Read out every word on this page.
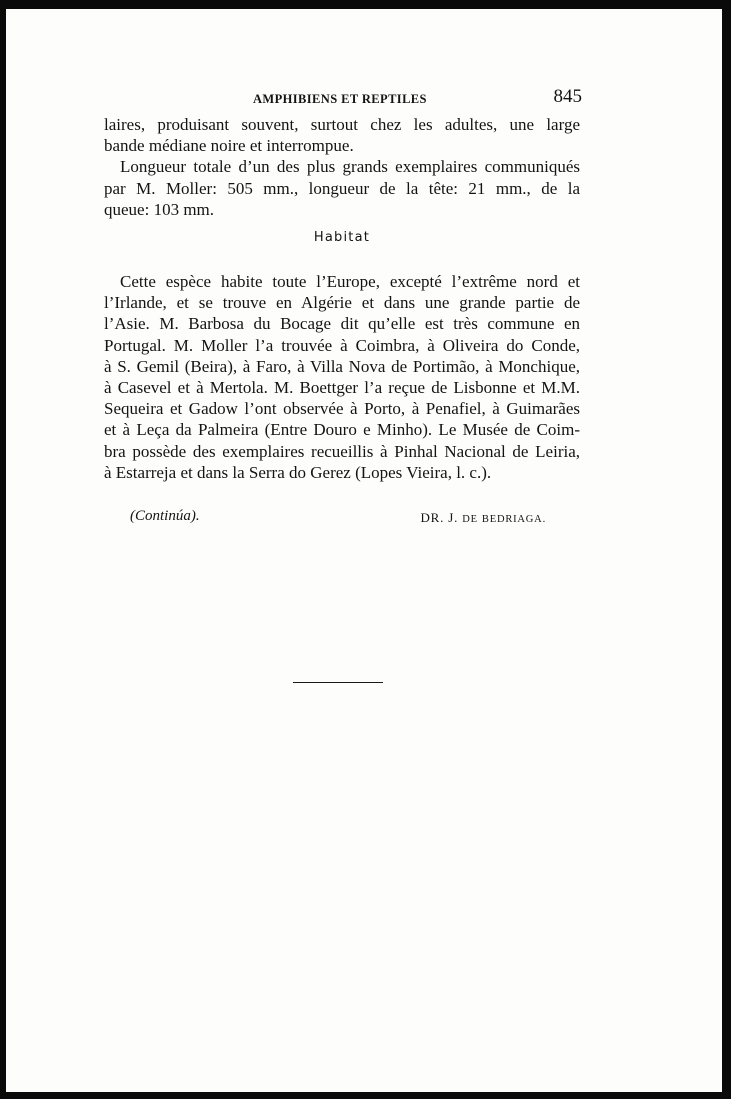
AMPHIBIENS ET REPTILES	845

laires, produisant souvent, surtout chez les adultes, une large
bande médiane noire et interrompue.

Longueur totale d’un des plus grands exemplaires communiqués
par M. Moller: 505 mm., longueur de la tête: 21 mm., de la
queue: 103 mm.

Habitat

Cette espèce habite toute l’Europe, excepté l’extrême nord et
l’Irlande, et se trouve en Algérie et dans une grande partie de
l’Asie. M. Barbosa du Bocage dit qu’elle est très commune en
Portugal. M. Moller l’a trouvée à Coimbra, à Oliveira do Conde,
à S. Gemil (Beira), à Faro, à Villa Nova de Portimão, à Monchique,
à Casevel et à Mertola. M. Boettger l’a reçue de Lisbonne et M.M.
Sequeira et Gadow l’ont observée à Porto, à Penafiel, à Guimarães
et à Leça da Palmeira (Entre Douro e Minho). Le Musée de Coim-
bra possède des exemplaires recueillis à Pinhal Nacional de Leiria,
à Estarreja et dans la Serra do Gerez (Lopes Vieira, l. c.).

(Continúa).	DR. J. DE BEDRIAGA.
